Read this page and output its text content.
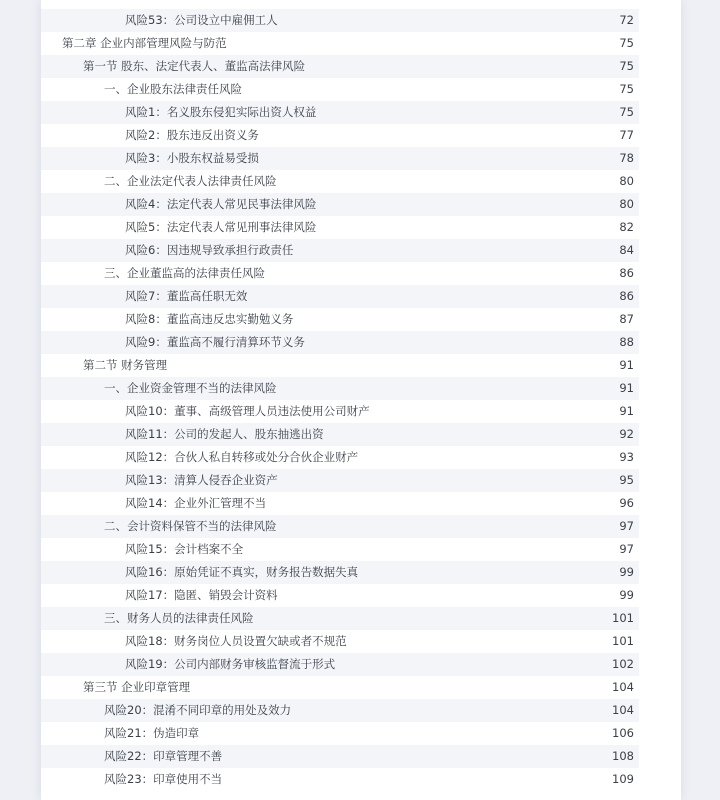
风险53：公司设立中雇佣工人	72
第二章 企业内部管理风险与防范	75
第一节 股东、法定代表人、董监高法律风险	75
一、企业股东法律责任风险	75
风险1：名义股东侵犯实际出资人权益	75
风险2：股东违反出资义务	77
风险3：小股东权益易受损	78
二、企业法定代表人法律责任风险	80
风险4：法定代表人常见民事法律风险	80
风险5：法定代表人常见刑事法律风险	82
风险6：因违规导致承担行政责任	84
三、企业董监高的法律责任风险	86
风险7：董监高任职无效	86
风险8：董监高违反忠实勤勉义务	87
风险9：董监高不履行清算环节义务	88
第二节 财务管理	91
一、企业资金管理不当的法律风险	91
风险10：董事、高级管理人员违法使用公司财产	91
风险11：公司的发起人、股东抽逃出资	92
风险12：合伙人私自转移或处分合伙企业财产	93
风险13：清算人侵吞企业资产	95
风险14：企业外汇管理不当	96
二、会计资料保管不当的法律风险	97
风险15：会计档案不全	97
风险16：原始凭证不真实，财务报告数据失真	99
风险17：隐匿、销毁会计资料	99
三、财务人员的法律责任风险	101
风险18：财务岗位人员设置欠缺或者不规范	101
风险19：公司内部财务审核监督流于形式	102
第三节 企业印章管理	104
风险20：混淆不同印章的用处及效力	104
风险21：伪造印章	106
风险22：印章管理不善	108
风险23：印章使用不当	109
